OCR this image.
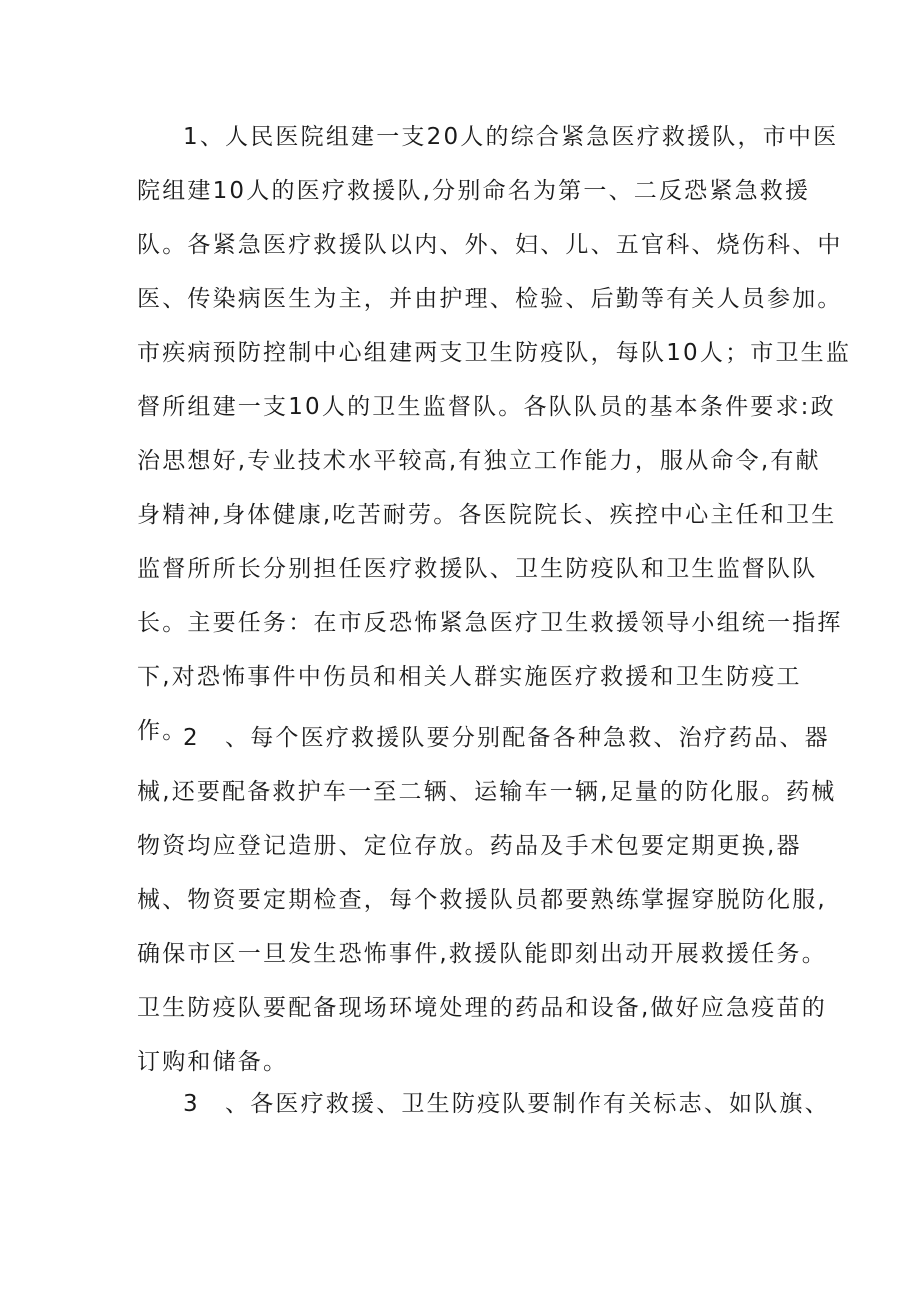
1、人民医院组建一支20人的综合紧急医疗救援队，市中医
院组建10人的医疗救援队,分别命名为第一、二反恐紧急救援
队。各紧急医疗救援队以内、外、妇、儿、五官科、烧伤科、中
医、传染病医生为主，并由护理、检验、后勤等有关人员参加。
市疾病预防控制中心组建两支卫生防疫队，每队10人；市卫生监
督所组建一支10人的卫生监督队。各队队员的基本条件要求:政
治思想好,专业技术水平较高,有独立工作能力，服从命令,有献
身精神,身体健康,吃苦耐劳。各医院院长、疾控中心主任和卫生
监督所所长分别担任医疗救援队、卫生防疫队和卫生监督队队
长。主要任务：在市反恐怖紧急医疗卫生救援领导小组统一指挥
下,对恐怖事件中伤员和相关人群实施医疗救援和卫生防疫工
作。
2　、每个医疗救援队要分别配备各种急救、治疗药品、器
械,还要配备救护车一至二辆、运输车一辆,足量的防化服。药械
物资均应登记造册、定位存放。药品及手术包要定期更换,器
械、物资要定期检查，每个救援队员都要熟练掌握穿脱防化服,
确保市区一旦发生恐怖事件,救援队能即刻出动开展救援任务。
卫生防疫队要配备现场环境处理的药品和设备,做好应急疫苗的
订购和储备。
3　、各医疗救援、卫生防疫队要制作有关标志、如队旗、
